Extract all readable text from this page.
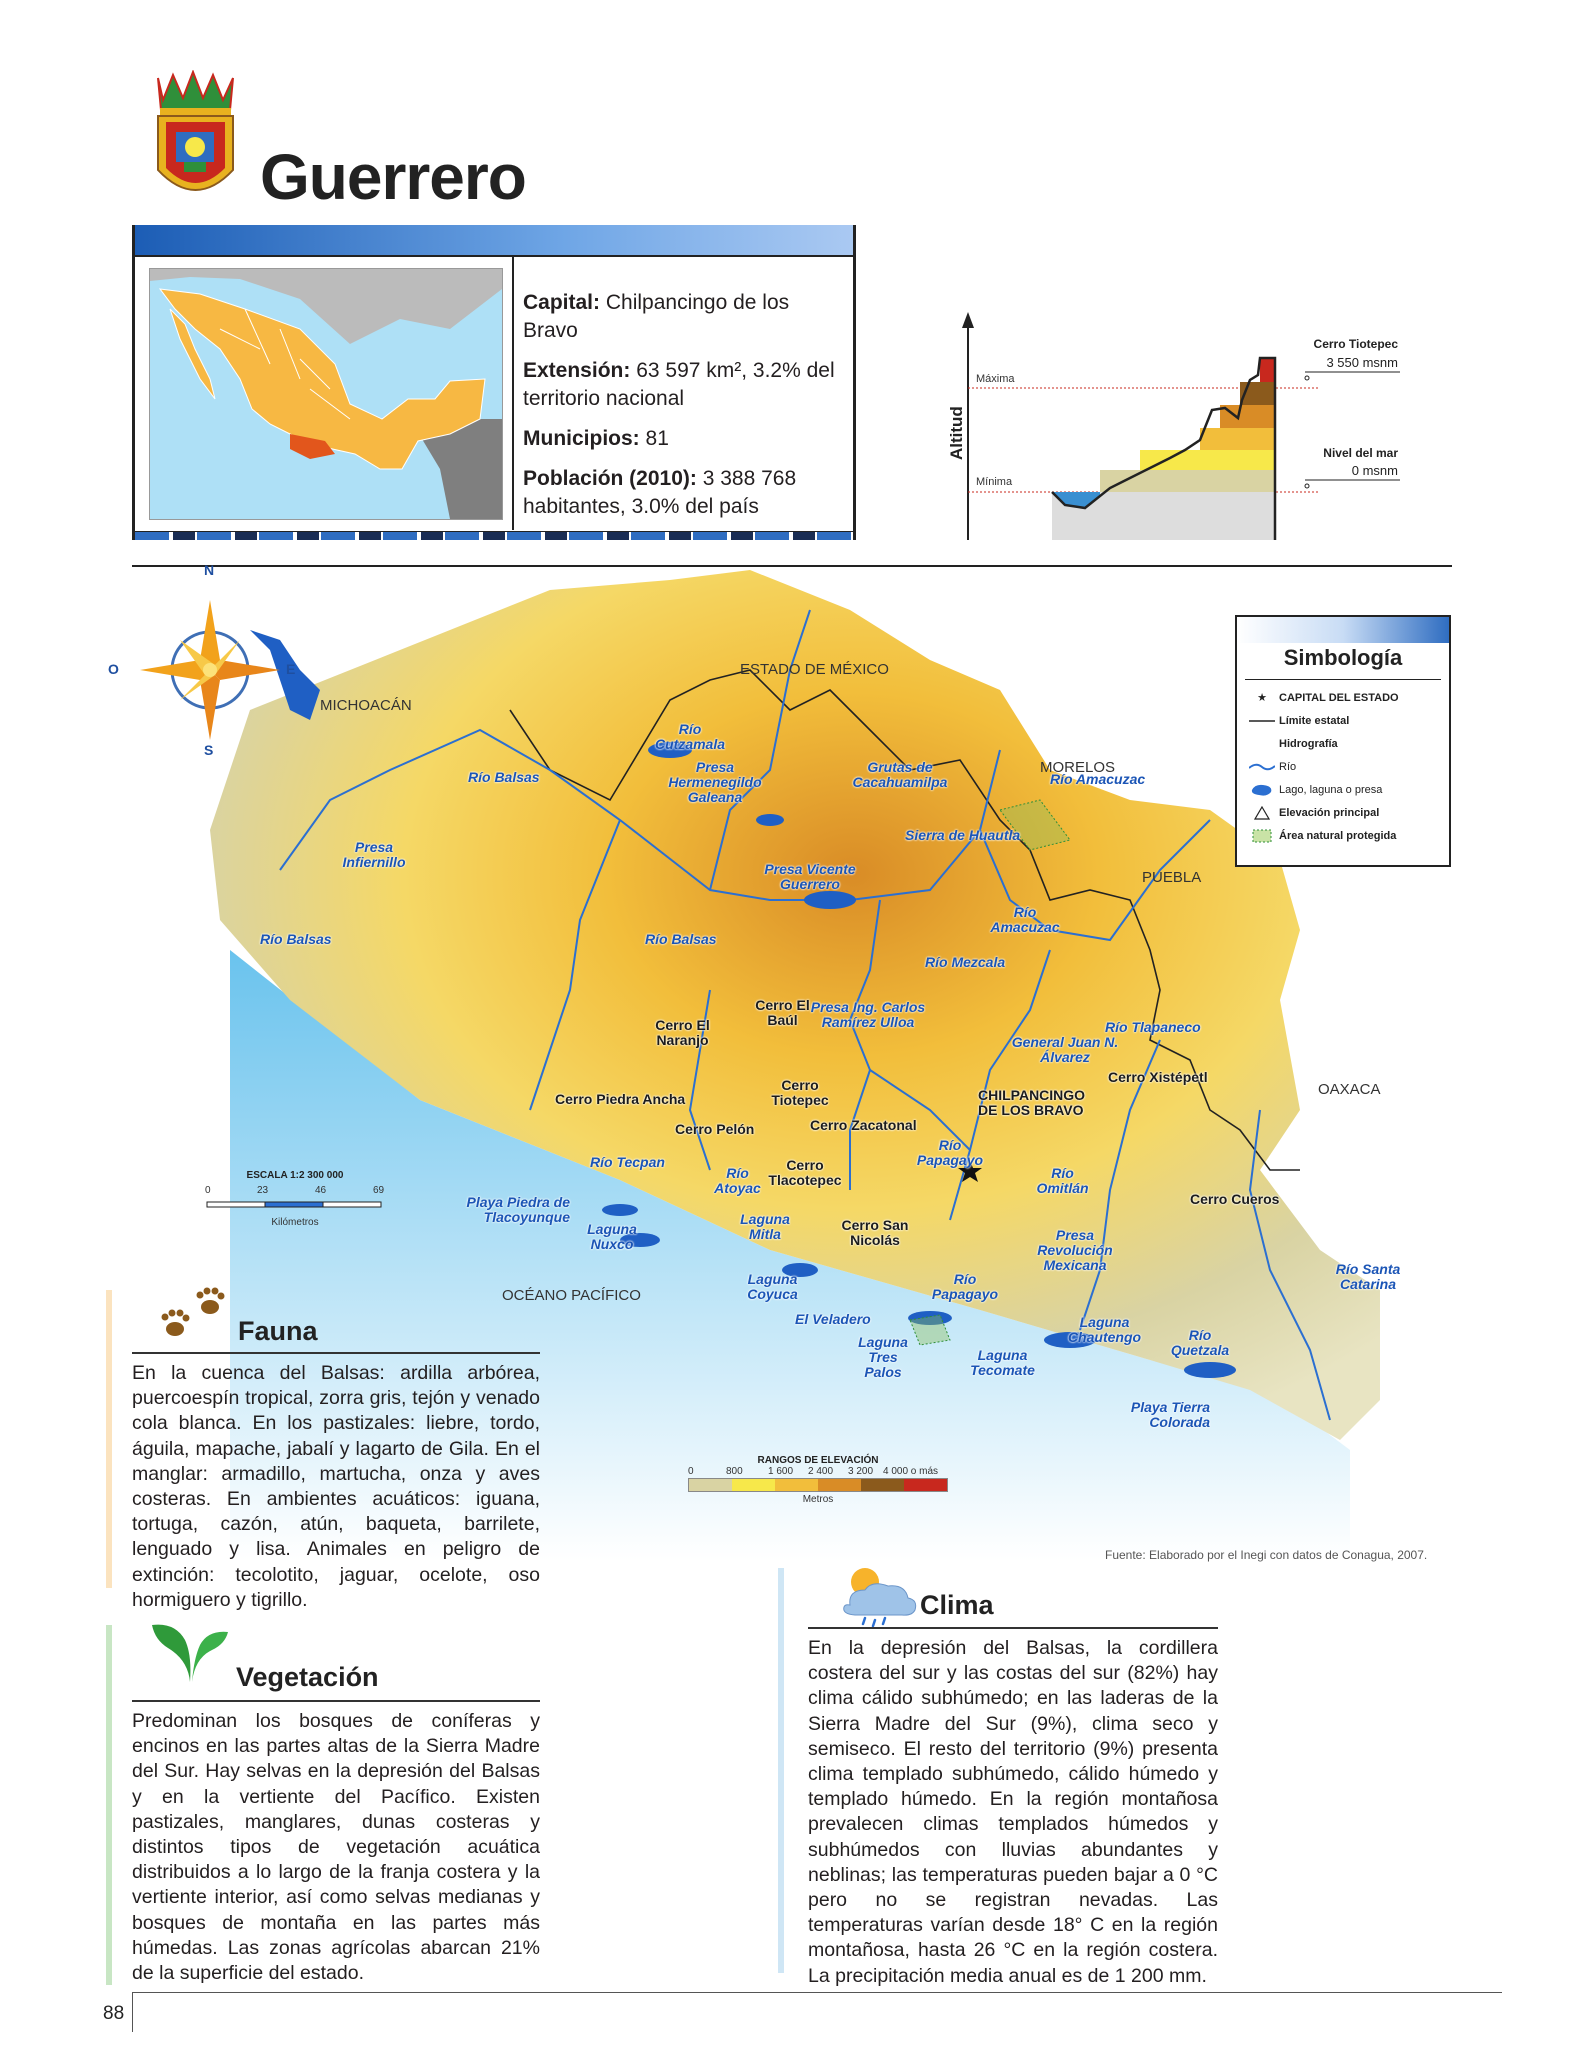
Guerrero

Capital: Chilpancingo de los Bravo

Extensión: 63 597 km², 3.2% del territorio nacional

Municipios: 81

Población (2010): 3 388 768 habitantes, 3.0% del país

Altitud
Máxima
Mínima
Cerro Tiotepec
3 550 msnm
Nivel del mar
0 msnm
MICHOACÁN
ESTADO DE MÉXICO
MORELOS
PUEBLA
OAXACA
OCÉANO PACÍFICO
Río Cutzamala
Presa Hermenegildo Galeana
Río Balsas
Presa Infiernillo
Grutas de Cacahuamilpa	Río Amacuzac
Sierra de Huautla
Presa Vicente Guerrero
Río Amacuzac
Río Balsas	Río Balsas
Río Mezcala
Cerro El Baúl
Presa Ing. Carlos Ramírez Ulloa
Cerro El Naranjo	General Juan N. Álvarez
Río Tlapaneco
Cerro Xistépetl
Cerro Piedra Ancha
Cerro Tiotepec
Cerro Zacatonal
Cerro Pelón
CHILPANCINGO DE LOS BRAVO
Río Papagayo
Río Tecpan	Cerro Tlacotepec
Río Atoyac
Río Omitlán
Cerro Cueros
Playa Piedra de Tlacoyunque
Laguna Nuxco
Laguna Mitla
Cerro San Nicolás	Presa Revolución Mexicana	Río Santa Catarina
Laguna Coyuca
Río Papagayo
El Veladero
Laguna Tres Palos
Laguna Tecomate
Laguna Chautengo	Río Quetzala
Playa Tierra Colorada
N
S
O	E	Simbología
★	CAPITAL DEL ESTADO
Límite estatal
Hidrografía
Río
Lago, laguna o presa
Elevación principal
Área natural protegida
ESCALA 1:2 300 000
0	23	46	69
Kilómetros
RANGOS DE ELEVACIÓN
0	800	1 600 2 400 3 200 4 000 o más
Metros
Fuente: Elaborado por el Inegi con datos de Conagua, 2007.
Fauna
En la cuenca del Balsas: ardilla arbórea, puercoespín tropical, zorra gris, tejón y venado cola blanca. En los pastizales: liebre, tordo, águila, mapache, jabalí y lagarto de Gila. En el manglar: armadillo, martucha, onza y aves costeras. En ambientes acuáticos: iguana, tortuga, cazón, atún, baqueta, barrilete, lenguado y lisa. Animales en peligro de extinción: tecolotito, jaguar, ocelote, oso hormiguero y tigrillo.
Vegetación
Predominan los bosques de coníferas y encinos en las partes altas de la Sierra Madre del Sur. Hay selvas en la depresión del Balsas y en la vertiente del Pacífico. Existen pastizales, manglares, dunas costeras y distintos tipos de vegetación acuática distribuidos a lo largo de la franja costera y la vertiente interior, así como selvas medianas y bosques de montaña en las partes más húmedas. Las zonas agrícolas abarcan 21% de la superficie del estado.
Clima
En la depresión del Balsas, la cordillera costera del sur y las costas del sur (82%) hay clima cálido subhúmedo; en las laderas de la Sierra Madre del Sur (9%), clima seco y semiseco. El resto del territorio (9%) presenta clima templado subhúmedo, cálido húmedo y templado húmedo. En la región montañosa prevalecen climas templados húmedos y subhúmedos con lluvias abundantes y neblinas; las temperaturas pueden bajar a 0 °C pero no se registran nevadas. Las temperaturas varían desde 18° C en la región montañosa, hasta 26 °C en la región costera. La precipitación media anual es de 1 200 mm.
88
